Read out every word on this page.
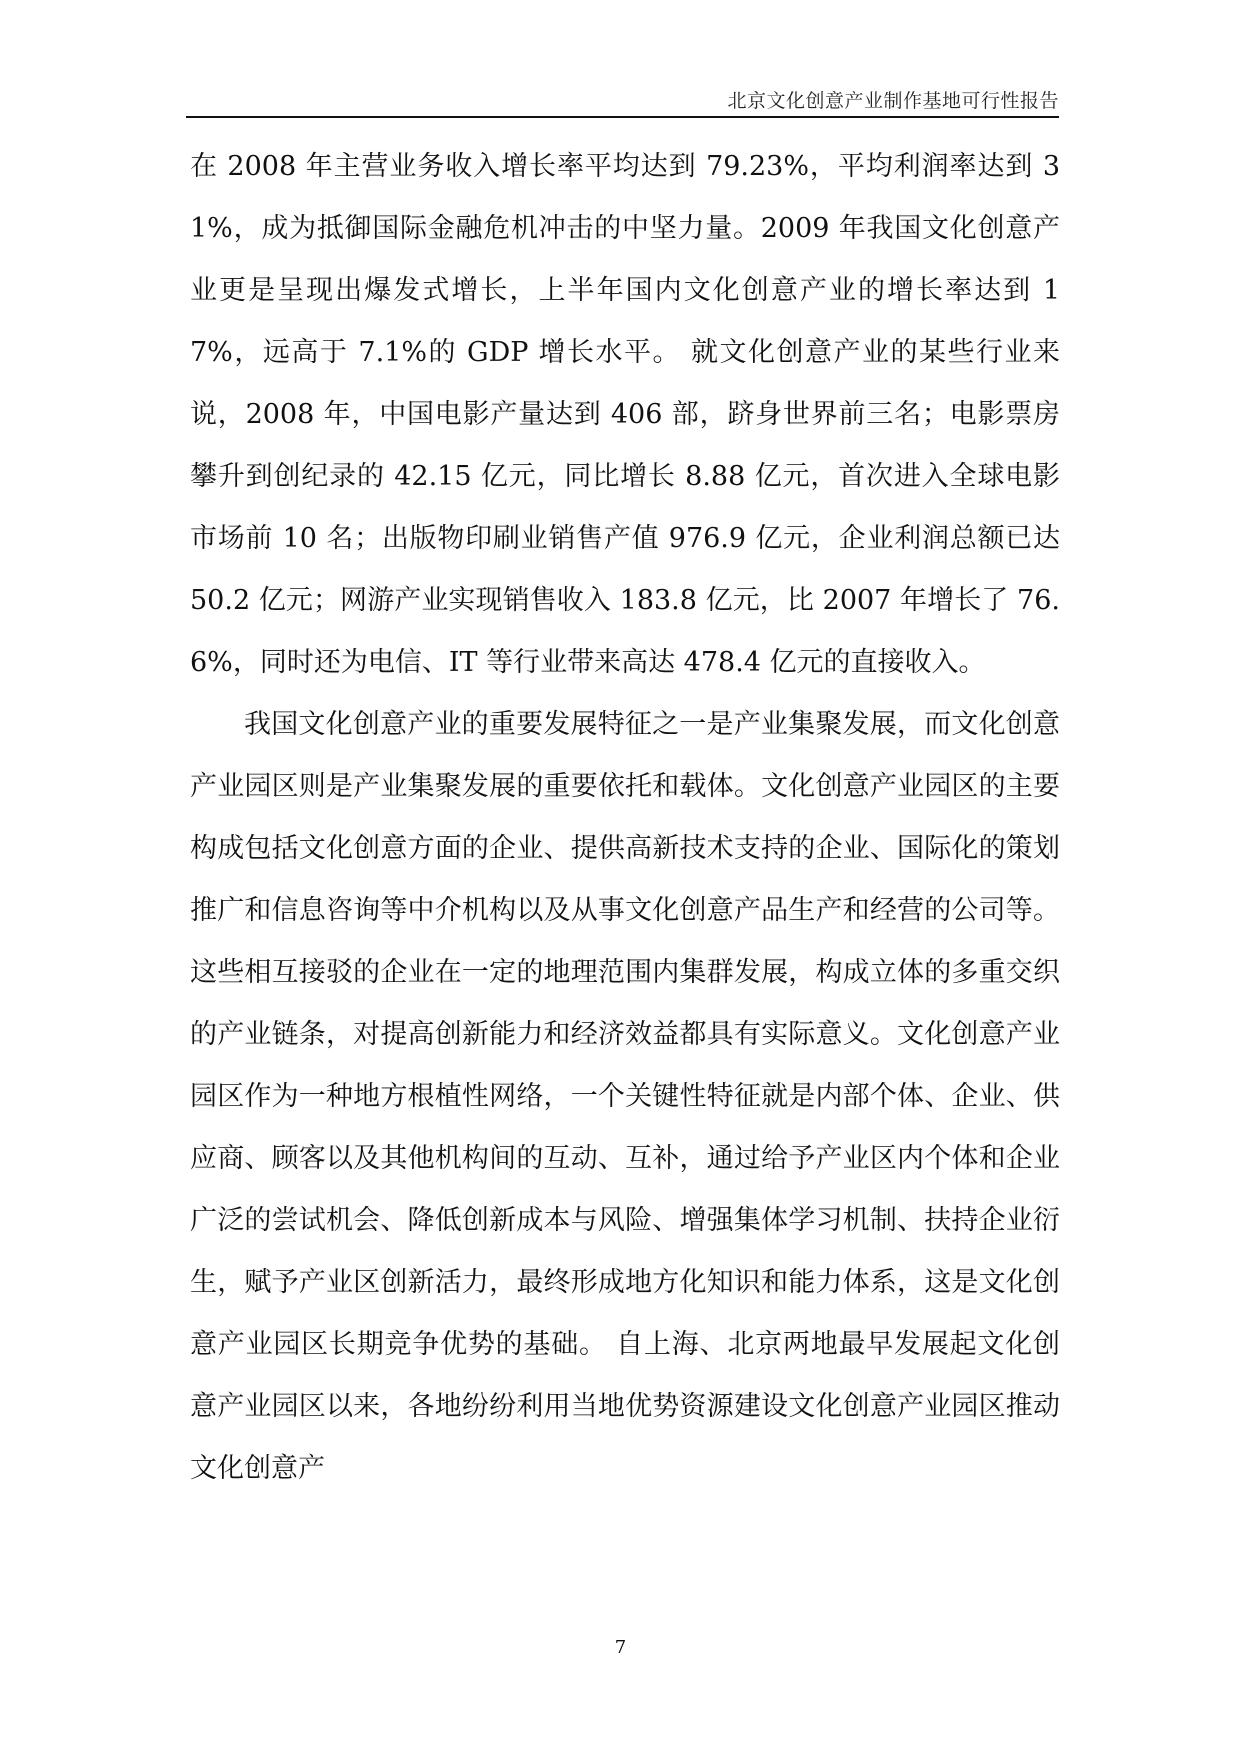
北京文化创意产业制作基地可行性报告

在 2008 年主营业务收入增长率平均达到 79.23%，平均利润率达到 31%，成为抵御国际金融危机冲击的中坚力量。2009 年我国文化创意产业更是呈现出爆发式增长，上半年国内文化创意产业的增长率达到 17%，远高于 7.1%的 GDP 增长水平。 就文化创意产业的某些行业来说，2008 年，中国电影产量达到 406 部，跻身世界前三名；电影票房攀升到创纪录的 42.15 亿元，同比增长 8.88 亿元，首次进入全球电影市场前 10 名；出版物印刷业销售产值 976.9 亿元，企业利润总额已达 50.2 亿元；网游产业实现销售收入 183.8 亿元，比 2007 年增长了 76.6%，同时还为电信、IT 等行业带来高达 478.4 亿元的直接收入。

我国文化创意产业的重要发展特征之一是产业集聚发展，而文化创意产业园区则是产业集聚发展的重要依托和载体。文化创意产业园区的主要构成包括文化创意方面的企业、提供高新技术支持的企业、国际化的策划推广和信息咨询等中介机构以及从事文化创意产品生产和经营的公司等。这些相互接驳的企业在一定的地理范围内集群发展，构成立体的多重交织的产业链条，对提高创新能力和经济效益都具有实际意义。文化创意产业园区作为一种地方根植性网络，一个关键性特征就是内部个体、企业、供应商、顾客以及其他机构间的互动、互补，通过给予产业区内个体和企业广泛的尝试机会、降低创新成本与风险、增强集体学习机制、扶持企业衍生，赋予产业区创新活力，最终形成地方化知识和能力体系，这是文化创意产业园区长期竞争优势的基础。 自上海、北京两地最早发展起文化创意产业园区以来，各地纷纷利用当地优势资源建设文化创意产业园区推动文化创意产

7
